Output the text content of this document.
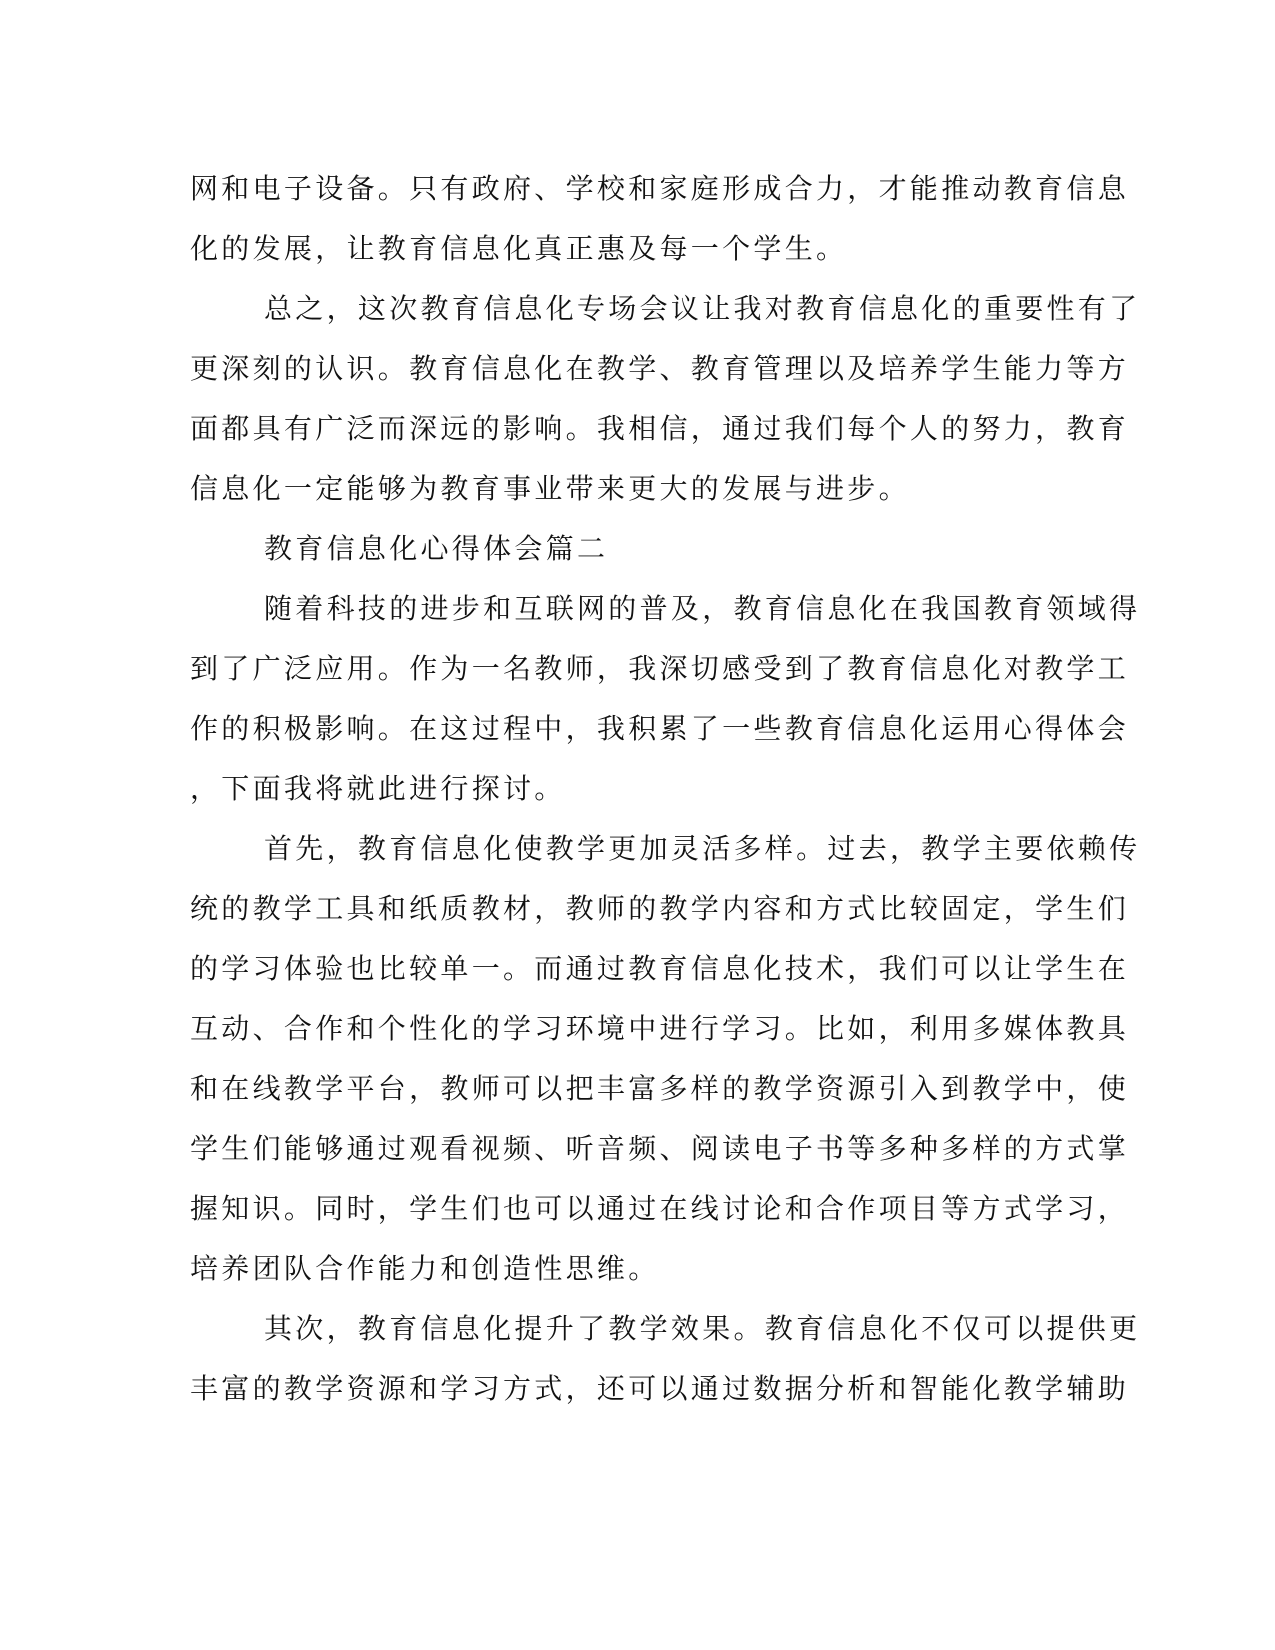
网和电子设备。只有政府、学校和家庭形成合力，才能推动教育信息
化的发展，让教育信息化真正惠及每一个学生。
总之，这次教育信息化专场会议让我对教育信息化的重要性有了
更深刻的认识。教育信息化在教学、教育管理以及培养学生能力等方
面都具有广泛而深远的影响。我相信，通过我们每个人的努力，教育
信息化一定能够为教育事业带来更大的发展与进步。
教育信息化心得体会篇二
随着科技的进步和互联网的普及，教育信息化在我国教育领域得
到了广泛应用。作为一名教师，我深切感受到了教育信息化对教学工
作的积极影响。在这过程中，我积累了一些教育信息化运用心得体会
，下面我将就此进行探讨。
首先，教育信息化使教学更加灵活多样。过去，教学主要依赖传
统的教学工具和纸质教材，教师的教学内容和方式比较固定，学生们
的学习体验也比较单一。而通过教育信息化技术，我们可以让学生在
互动、合作和个性化的学习环境中进行学习。比如，利用多媒体教具
和在线教学平台，教师可以把丰富多样的教学资源引入到教学中，使
学生们能够通过观看视频、听音频、阅读电子书等多种多样的方式掌
握知识。同时，学生们也可以通过在线讨论和合作项目等方式学习，
培养团队合作能力和创造性思维。
其次，教育信息化提升了教学效果。教育信息化不仅可以提供更
丰富的教学资源和学习方式，还可以通过数据分析和智能化教学辅助
